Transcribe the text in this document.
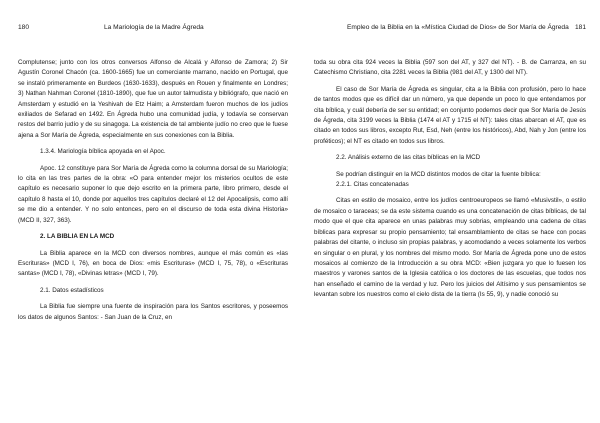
180	La Mariología de la Madre Ágreda

Complutense; junto con los otros conversos Alfonso de Alcalá y Alfonso de Zamora; 2) Sir Agustín Coronel Chacón (ca. 1600-1665) fue un comerciante marrano, nacido en Portugal, que se instaló primeramente en Burdeos (1630-1633), después en Rouen y finalmente en Londres; 3) Nathan Nahman Coronel (1810-1890), que fue un autor talmudista y bibliógrafo, que nació en Amsterdam y estudió en la Yeshivah de Etz Haim; a Amsterdam fueron muchos de los judíos exiliados de Sefarad en 1492. En Ágreda hubo una comunidad judía, y todavía se conservan restos del barrio judío y de su sinagoga. La existencia de tal ambiente judío no creo que le fuese ajena a Sor María de Ágreda, especialmente en sus conexiones con la Biblia.

1.3.4. Mariología bíblica apoyada en el Apoc.

Apoc. 12 constituye para Sor María de Ágreda como la columna dorsal de su Mariología; lo cita en las tres partes de la obra: «O para entender mejor los misterios ocultos de este capítulo es necesario suponer lo que dejo escrito en la primera parte, libro primero, desde el capítulo 8 hasta el 10, donde por aquellos tres capítulos declaré el 12 del Apocalipsis, como allí se me dio a entender. Y no solo entonces, pero en el discurso de toda esta divina Historia» (MCD II, 327, 363).

2. LA BIBLIA EN LA MCD

La Biblia aparece en la MCD con diversos nombres, aunque el más común es «las Escrituras» (MCD I, 76), en boca de Dios: «mis Escrituras» (MCD I, 75, 78), o «Escrituras santas» (MCD I, 78), «Divinas letras» (MCD I, 79).

2.1. Datos estadísticos

La Biblia fue siempre una fuente de inspiración para los Santos escritores, y poseemos los datos de algunos Santos: - San Juan de la Cruz, en

Empleo de la Biblia en la «Mística Ciudad de Dios» de Sor María de Ágreda 181

toda su obra cita 924 veces la Biblia (597 son del AT, y 327 del NT). - B. de Carranza, en su Catechismo Christiano, cita 2281 veces la Biblia (981 del AT, y 1300 del NT).

El caso de Sor María de Ágreda es singular, cita a la Biblia con profusión, pero lo hace de tantos modos que es difícil dar un número, ya que depende un poco lo que entendamos por cita bíblica, y cuál debería de ser su entidad; en conjunto podemos decir que Sor María de Jesús de Ágreda, cita 3199 veces la Biblia (1474 el AT y 1715 el NT): tales citas abarcan el AT, que es citado en todos sus libros, excepto Rut, Esd, Neh (entre los históricos), Abd, Nah y Jon (entre los proféticos); el NT es citado en todos sus libros.

2.2. Análisis externo de las citas bíblicas en la MCD

Se podrían distinguir en la MCD distintos modos de citar la fuente bíblica:

2.2.1. Citas concatenadas

Citas en estilo de mosaico, entre los judíos centroeuropeos se llamó «Musivstil», o estilo de mosaico o taraceas; se da este sistema cuando es una concatenación de citas bíblicas, de tal modo que el que cita aparece en unas palabras muy sobrias, empleando una cadena de citas bíblicas para expresar su propio pensamiento; tal ensamblamiento de citas se hace con pocas palabras del citante, o incluso sin propias palabras, y acomodando a veces solamente los verbos en singular o en plural, y los nombres del mismo modo. Sor María de Ágreda pone uno de estos mosaicos al comienzo de la Introducción a su obra MCD: «Bien juzgara yo que lo fuesen los maestros y varones santos de la Iglesia católica o los doctores de las escuelas, que todos nos han enseñado el camino de la verdad y luz. Pero los juicios del Altísimo y sus pensamientos se levantan sobre los nuestros como el cielo dista de la tierra (Is 55, 9), y nadie conoció su
